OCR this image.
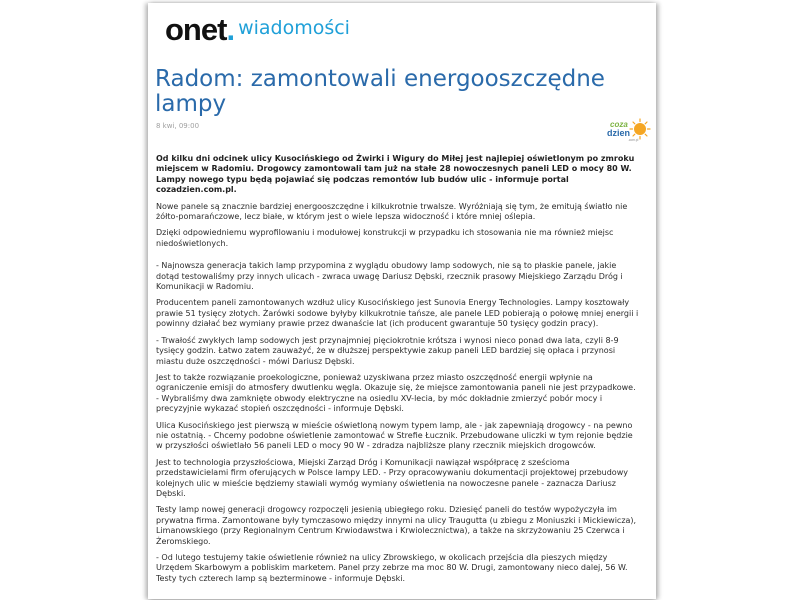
onet. wiadomości
Radom: zamontowali energooszczędne lampy
8 kwi, 09:00	coza
dzien
.com.pl

Od kilku dni odcinek ulicy Kusocińskiego od Żwirki i Wigury do Miłej jest najlepiej oświetlonym po zmroku miejscem w Radomiu. Drogowcy zamontowali tam już na stałe 28 nowoczesnych paneli LED o mocy 80 W. Lampy nowego typu będą pojawiać się podczas remontów lub budów ulic - informuje portal cozadzien.com.pl.

Nowe panele są znacznie bardziej energooszczędne i kilkukrotnie trwalsze. Wyróżniają się tym, że emitują światło nie żółto-pomarańczowe, lecz białe, w którym jest o wiele lepsza widoczność i które mniej oślepia.

Dzięki odpowiedniemu wyprofilowaniu i modułowej konstrukcji w przypadku ich stosowania nie ma również miejsc niedoświetlonych.

- Najnowsza generacja takich lamp przypomina z wyglądu obudowy lamp sodowych, nie są to płaskie panele, jakie dotąd testowaliśmy przy innych ulicach - zwraca uwagę Dariusz Dębski, rzecznik prasowy Miejskiego Zarządu Dróg i Komunikacji w Radomiu.

Producentem paneli zamontowanych wzdłuż ulicy Kusocińskiego jest Sunovia Energy Technologies. Lampy kosztowały prawie 51 tysięcy złotych. Żarówki sodowe byłyby kilkukrotnie tańsze, ale panele LED pobierają o połowę mniej energii i powinny działać bez wymiany prawie przez dwanaście lat (ich producent gwarantuje 50 tysięcy godzin pracy).

- Trwałość zwykłych lamp sodowych jest przynajmniej pięciokrotnie krótsza i wynosi nieco ponad dwa lata, czyli 8-9 tysięcy godzin. Łatwo zatem zauważyć, że w dłuższej perspektywie zakup paneli LED bardziej się opłaca i przynosi miastu duże oszczędności - mówi Dariusz Dębski.

Jest to także rozwiązanie proekologiczne, ponieważ uzyskiwana przez miasto oszczędność energii wpłynie na ograniczenie emisji do atmosfery dwutlenku węgla. Okazuje się, że miejsce zamontowania paneli nie jest przypadkowe. - Wybraliśmy dwa zamknięte obwody elektryczne na osiedlu XV-lecia, by móc dokładnie zmierzyć pobór mocy i precyzyjnie wykazać stopień oszczędności - informuje Dębski.

Ulica Kusocińskiego jest pierwszą w mieście oświetloną nowym typem lamp, ale - jak zapewniają drogowcy - na pewno nie ostatnią. - Chcemy podobne oświetlenie zamontować w Strefie Łucznik. Przebudowane uliczki w tym rejonie będzie w przyszłości oświetlało 56 paneli LED o mocy 90 W - zdradza najbliższe plany rzecznik miejskich drogowców.

Jest to technologia przyszłościowa, Miejski Zarząd Dróg i Komunikacji nawiązał współpracę z sześcioma przedstawicielami firm oferujących w Polsce lampy LED. - Przy opracowywaniu dokumentacji projektowej przebudowy kolejnych ulic w mieście będziemy stawiali wymóg wymiany oświetlenia na nowoczesne panele - zaznacza Dariusz Dębski.

Testy lamp nowej generacji drogowcy rozpoczęli jesienią ubiegłego roku. Dziesięć paneli do testów wypożyczyła im prywatna firma. Zamontowane były tymczasowo między innymi na ulicy Traugutta (u zbiegu z Moniuszki i Mickiewicza), Limanowskiego (przy Regionalnym Centrum Krwiodawstwa i Krwiolecznictwa), a także na skrzyżowaniu 25 Czerwca i Żeromskiego.

- Od lutego testujemy takie oświetlenie również na ulicy Zbrowskiego, w okolicach przejścia dla pieszych między Urzędem Skarbowym a pobliskim marketem. Panel przy zebrze ma moc 80 W. Drugi, zamontowany nieco dalej, 56 W. Testy tych czterech lamp są bezterminowe - informuje Dębski.
